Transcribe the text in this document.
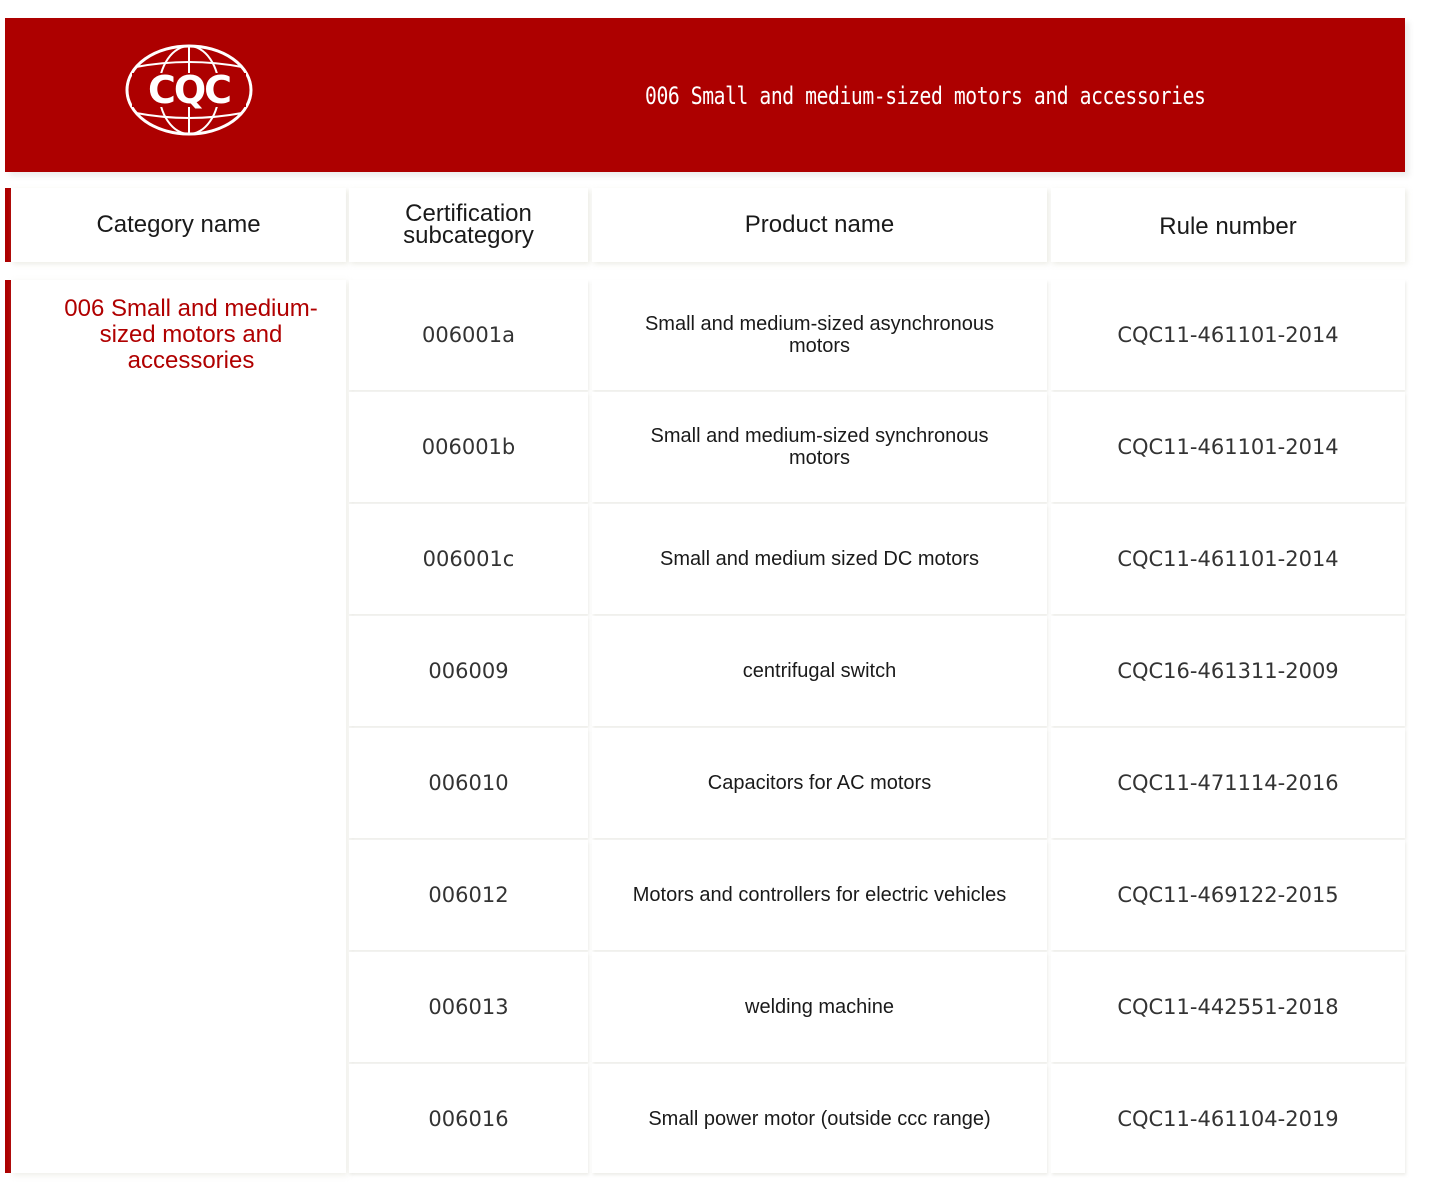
CQC	006 Small and medium-sized motors and accessories
Category name	Certification subcategory	Product name	Rule number
006 Small and medium-sized motors and accessories
006001a	Small and medium-sized asynchronous motors	CQC11-461101-2014
006001b	Small and medium-sized synchronous motors	CQC11-461101-2014
006001c	Small and medium sized DC motors	CQC11-461101-2014
006009	centrifugal switch	CQC16-461311-2009
006010	Capacitors for AC motors	CQC11-471114-2016
006012	Motors and controllers for electric vehicles	CQC11-469122-2015
006013	welding machine	CQC11-442551-2018
006016	Small power motor (outside ccc range)	CQC11-461104-2019
